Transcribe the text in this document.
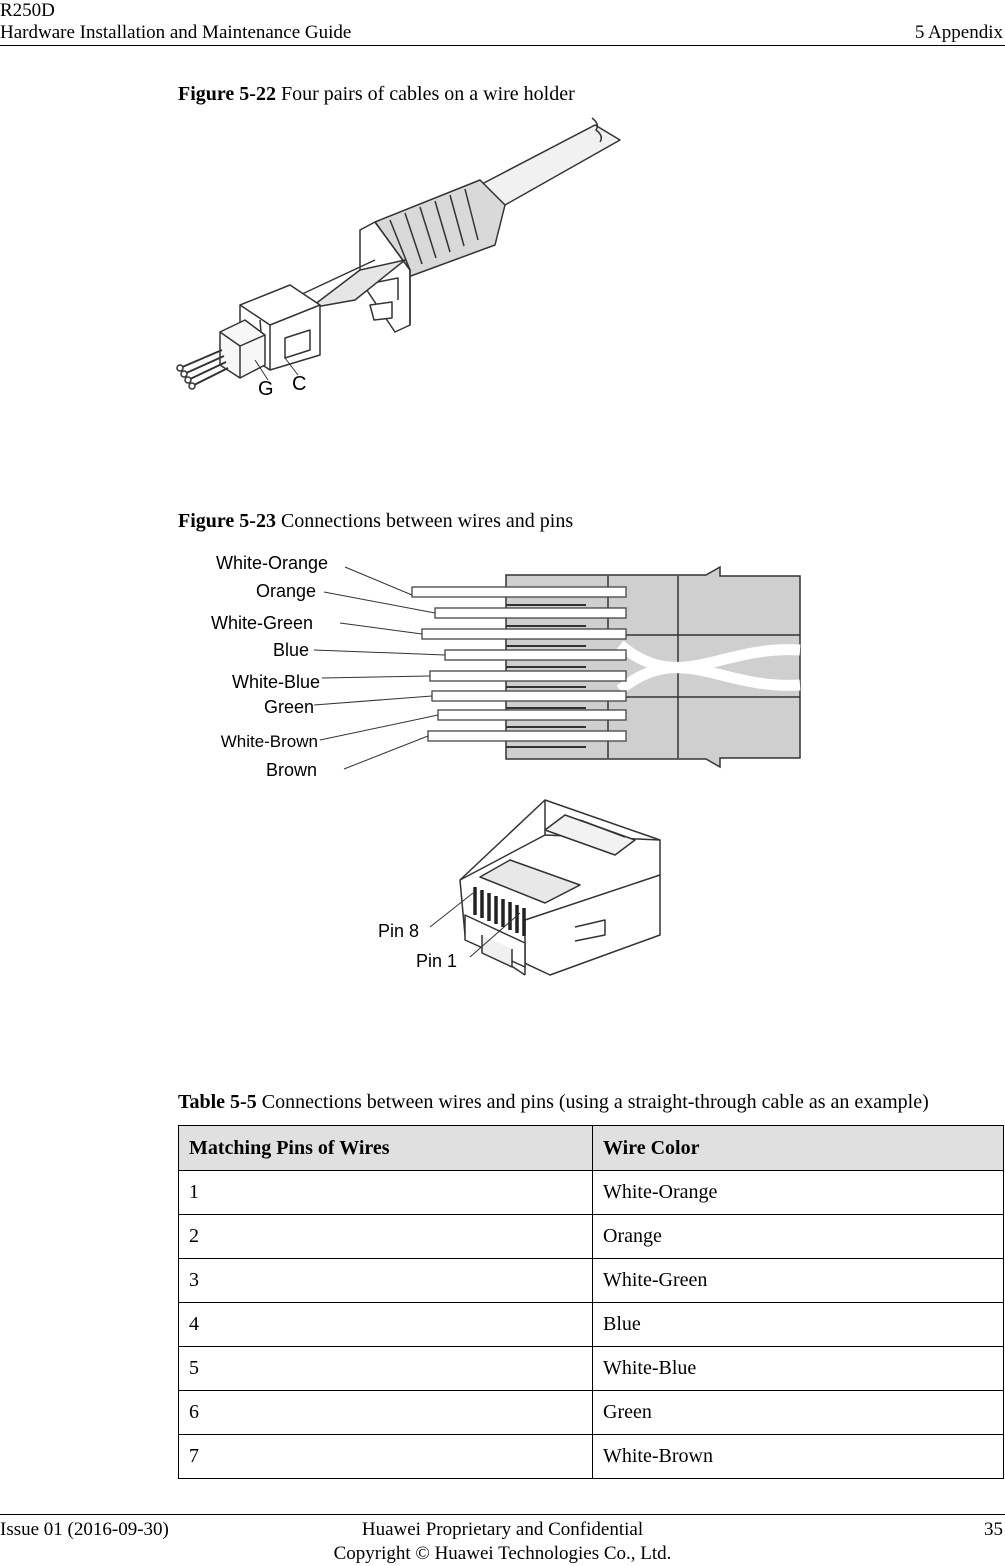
R250D
Hardware Installation and Maintenance Guide	5 Appendix
Figure 5-22 Four pairs of cables on a wire holder
G C
Figure 5-23 Connections between wires and pins
White-Orange
Orange
White-Green
Blue
White-Blue
Green
White-Brown
Brown
Pin 8
Pin 1
Table 5-5 Connections between wires and pins (using a straight-through cable as an example)
Matching Pins of Wires	Wire Color
1	White-Orange
2	Orange
3	White-Green
4	Blue
5	White-Blue
6	Green
7	White-Brown
Issue 01 (2016-09-30)	Huawei Proprietary and Confidential
Copyright © Huawei Technologies Co., Ltd.
35
